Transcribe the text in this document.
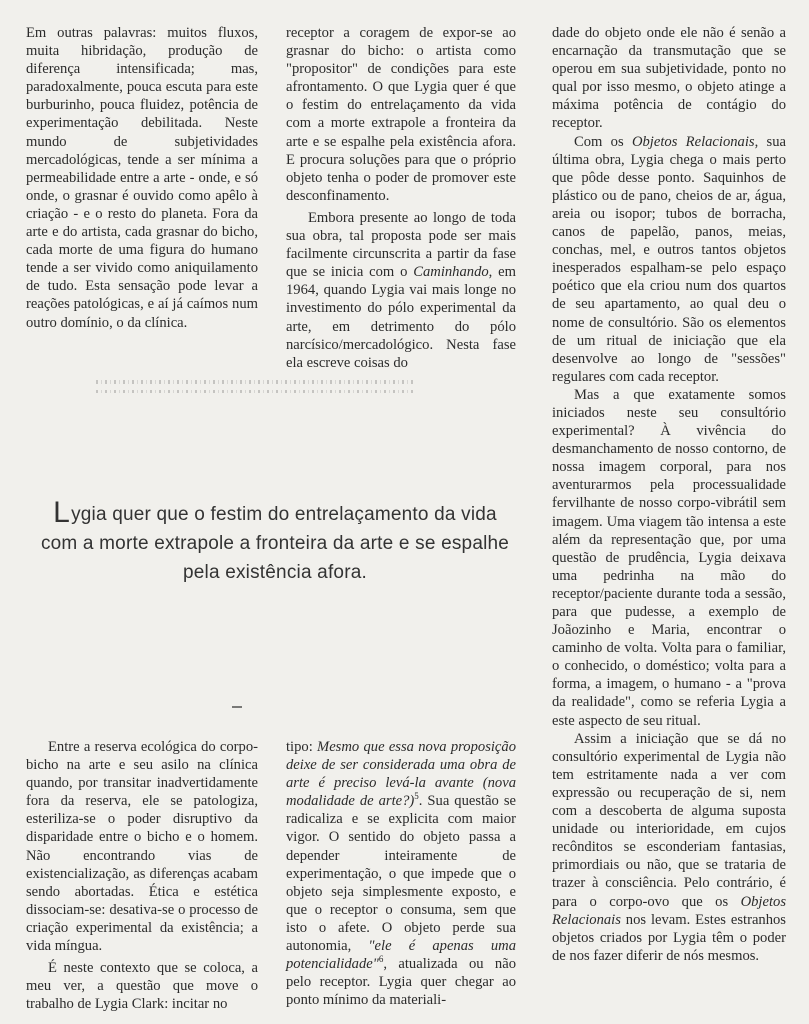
Em outras palavras: muitos fluxos, muita hibridação, produção de diferença intensificada; mas, paradoxalmente, pouca escuta para este burburinho, pouca fluidez, potência de experimentação debilitada. Neste mundo de subjetividades mercadológicas, tende a ser mínima a permeabilidade entre a arte - onde, e só onde, o grasnar é ouvido como apêlo à criação - e o resto do planeta. Fora da arte e do artista, cada grasnar do bicho, cada morte de uma figura do humano tende a ser vivido como aniquilamento de tudo. Esta sensação pode levar a reações patológicas, e aí já caímos num outro domínio, o da clínica.

receptor a coragem de expor-se ao grasnar do bicho: o artista como "propositor" de condições para este afrontamento. O que Lygia quer é que o festim do entrelaçamento da vida com a morte extrapole a fronteira da arte e se espalhe pela existência afora. E procura soluções para que o próprio objeto tenha o poder de promover este desconfinamento.

Embora presente ao longo de toda sua obra, tal proposta pode ser mais facilmente circunscrita a partir da fase que se inicia com o Caminhando, em 1964, quando Lygia vai mais longe no investimento do pólo experimental da arte, em detrimento do pólo narcísico/mercadológico. Nesta fase ela escreve coisas do

dade do objeto onde ele não é senão a encarnação da transmutação que se operou em sua subjetividade, ponto no qual por isso mesmo, o objeto atinge a máxima potência de contágio do receptor.

Com os Objetos Relacionais, sua última obra, Lygia chega o mais perto que pôde desse ponto. Saquinhos de plástico ou de pano, cheios de ar, água, areia ou isopor; tubos de borracha, canos de papelão, panos, meias, conchas, mel, e outros tantos objetos inesperados espalham-se pelo espaço poético que ela criou num dos quartos de seu apartamento, ao qual deu o nome de consultório. São os elementos de um ritual de iniciação que ela desenvolve ao longo de "sessões" regulares com cada receptor.

Mas a que exatamente somos iniciados neste seu consultório experimental? À vivência do desmanchamento de nosso contorno, de nossa imagem corporal, para nos aventurarmos pela processualidade fervilhante de nosso corpo-vibrátil sem imagem. Uma viagem tão intensa a este além da representação que, por uma questão de prudência, Lygia deixava uma pedrinha na mão do receptor/paciente durante toda a sessão, para que pudesse, a exemplo de Joãozinho e Maria, encontrar o caminho de volta. Volta para o familiar, o conhecido, o doméstico; volta para a forma, a imagem, o humano - a "prova da realidade", como se referia Lygia a este aspecto de seu ritual.

Assim a iniciação que se dá no consultório experimental de Lygia não tem estritamente nada a ver com expressão ou recuperação de si, nem com a descoberta de alguma suposta unidade ou interioridade, em cujos recônditos se esconderiam fantasias, primordiais ou não, que se trataria de trazer à consciência. Pelo contrário, é para o corpo-ovo que os Objetos Relacionais nos levam. Estes estranhos objetos criados por Lygia têm o poder de nos fazer diferir de nós mesmos.

Lygia quer que o festim do entrelaçamento da vida com a morte extrapole a fronteira da arte e se espalhe pela existência afora.

Entre a reserva ecológica do corpo-bicho na arte e seu asilo na clínica quando, por transitar inadvertidamente fora da reserva, ele se patologiza, esteriliza-se o poder disruptivo da disparidade entre o bicho e o homem. Não encontrando vias de existencialização, as diferenças acabam sendo abortadas. Ética e estética dissociam-se: desativa-se o processo de criação experimental da existência; a vida míngua.

É neste contexto que se coloca, a meu ver, a questão que move o trabalho de Lygia Clark: incitar no

tipo: Mesmo que essa nova proposição deixe de ser considerada uma obra de arte é preciso levá-la avante (nova modalidade de arte?)$^5$. Sua questão se radicaliza e se explicita com maior vigor. O sentido do objeto passa a depender inteiramente de experimentação, o que impede que o objeto seja simplesmente exposto, e que o receptor o consuma, sem que isto o afete. O objeto perde sua autonomia, "ele é apenas uma potencialidade"$^6$, atualizada ou não pelo receptor. Lygia quer chegar ao ponto mínimo da materiali-
